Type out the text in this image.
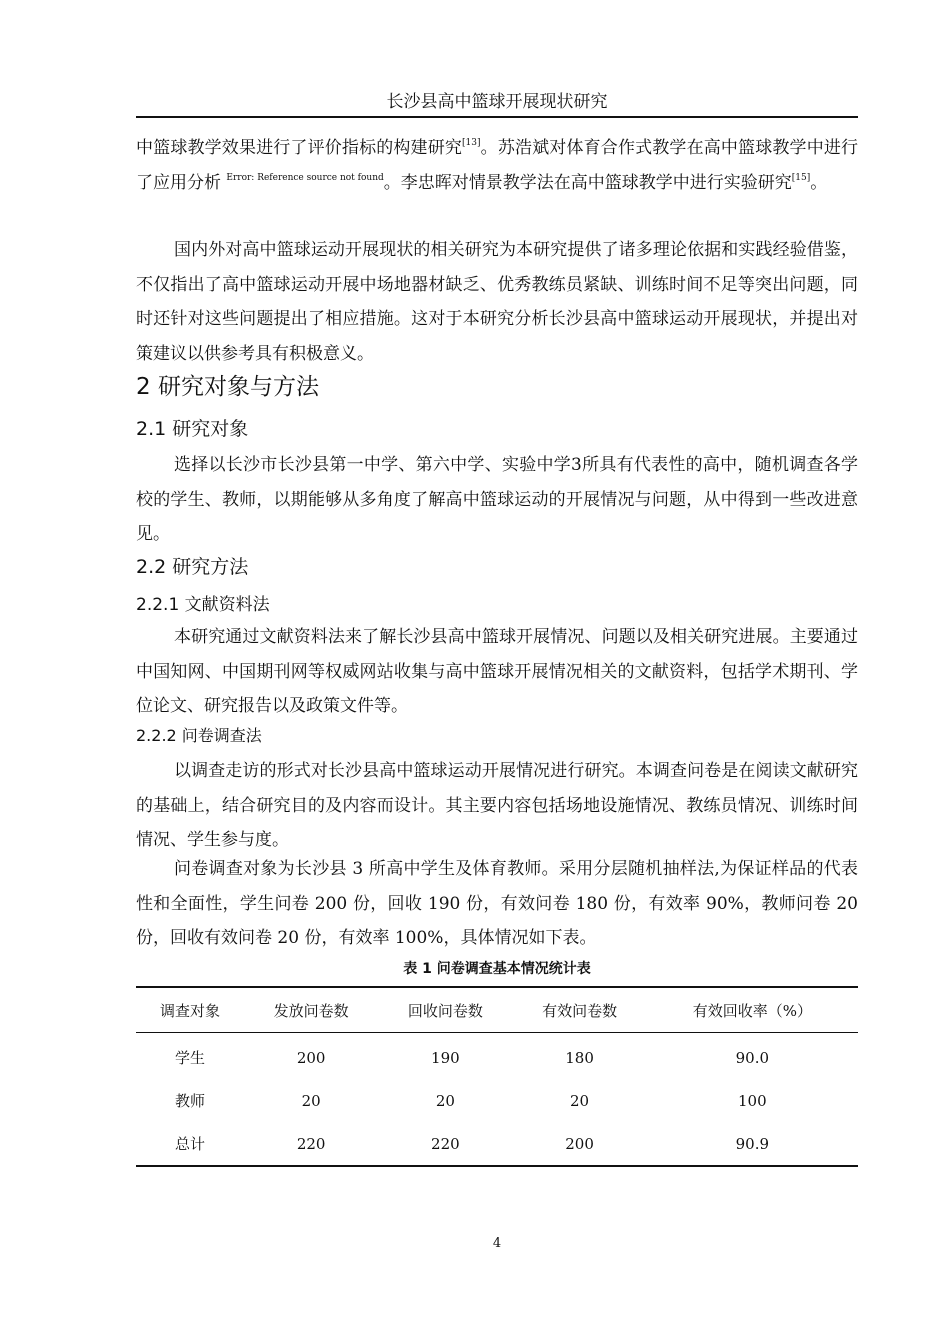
长沙县高中篮球开展现状研究

中篮球教学效果进行了评价指标的构建研究[13]。苏浩斌对体育合作式教学在高中篮球教学中进行了应用分析 $^{Error: Reference source not found}$。李忠晖对情景教学法在高中篮球教学中进行实验研究[15]。

国内外对高中篮球运动开展现状的相关研究为本研究提供了诸多理论依据和实践经验借鉴，不仅指出了高中篮球运动开展中场地器材缺乏、优秀教练员紧缺、训练时间不足等突出问题，同时还针对这些问题提出了相应措施。这对于本研究分析长沙县高中篮球运动开展现状，并提出对策建议以供参考具有积极意义。

2 研究对象与方法
2.1 研究对象

选择以长沙市长沙县第一中学、第六中学、实验中学3所具有代表性的高中，随机调查各学校的学生、教师，以期能够从多角度了解高中篮球运动的开展情况与问题，从中得到一些改进意见。

2.2 研究方法
2.2.1 文献资料法

本研究通过文献资料法来了解长沙县高中篮球开展情况、问题以及相关研究进展。主要通过中国知网、中国期刊网等权威网站收集与高中篮球开展情况相关的文献资料，包括学术期刊、学位论文、研究报告以及政策文件等。

2.2.2 问卷调查法

以调查走访的形式对长沙县高中篮球运动开展情况进行研究。本调查问卷是在阅读文献研究的基础上，结合研究目的及内容而设计。其主要内容包括场地设施情况、教练员情况、训练时间情况、学生参与度。

问卷调查对象为长沙县 3 所高中学生及体育教师。采用分层随机抽样法,为保证样品的代表性和全面性，学生问卷 200 份，回收 190 份，有效问卷 180 份，有效率 90%，教师问卷 20 份，回收有效问卷 20 份，有效率 100%，具体情况如下表。

表 1 问卷调查基本情况统计表
调查对象	发放问卷数	回收问卷数	有效问卷数	有效回收率（%）
学生	200	190	180	90.0
教师	20	20	20	100
总计	220	220	200	90.9
4
